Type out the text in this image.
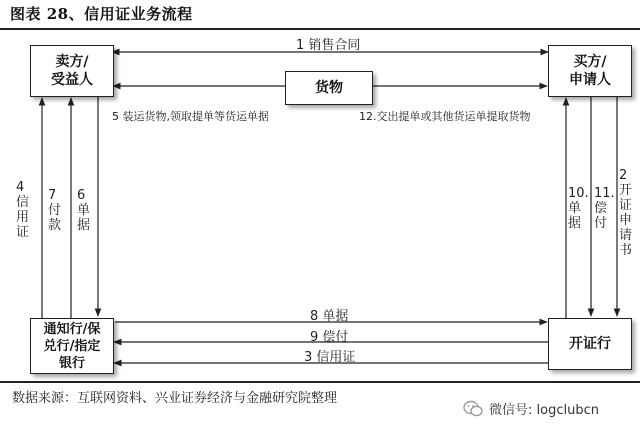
图表 28、信用证业务流程
卖方/
受益人
买方/
申请人
货物
通知行/保
兑行/指定
银行
开证行
1 销售合同
5 装运货物,领取提单等货运单据	12.交出提单或其他货运单提取货物
8 单据
9 偿付
3 信用证
4
信
用
证
7
付
款
6
单
据
10.
单
据
11.
偿
付
2
开
证
申
请
书
数据来源：互联网资料、兴业证券经济与金融研究院整理
微信号: logclubcn
